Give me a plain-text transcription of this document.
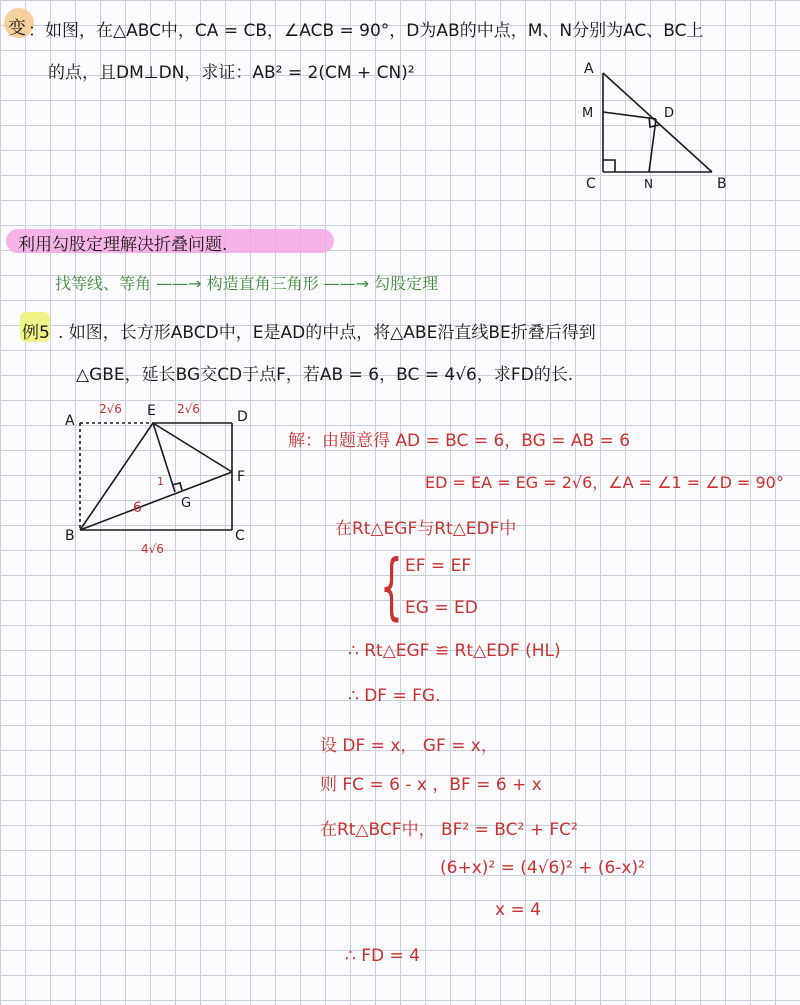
变 ：如图，在△ABC中，CA = CB，∠ACB = 90°，D为AB的中点，M、N分别为AC、BC上
的点，且DM⊥DN，求证：AB² = 2(CM + CN)²	A
M	D
C	N	B
利用勾股定理解决折叠问题.
找等线、等角 ——→ 构造直角三角形 ——→ 勾股定理
例5 . 如图，长方形ABCD中，E是AD的中点，将△ABE沿直线BE折叠后得到
△GBE，延长BG交CD于点F，若AB = 6，BC = 4√6，求FD的长.
A
E	D
F
G
B	C
2√6	2√6
4√6
6
1
解：由题意得 AD = BC = 6，BG = AB = 6
ED = EA = EG = 2√6，∠A = ∠1 = ∠D = 90°
在Rt△EGF与Rt△EDF中
{ EF = EF
EG = ED
∴ Rt△EGF ≌ Rt△EDF (HL)
∴ DF = FG.
设 DF = x， GF = x，
则 FC = 6 - x ，BF = 6 + x
在Rt△BCF中， BF² = BC² + FC²
(6+x)² = (4√6)² + (6-x)²
x = 4
∴ FD = 4
